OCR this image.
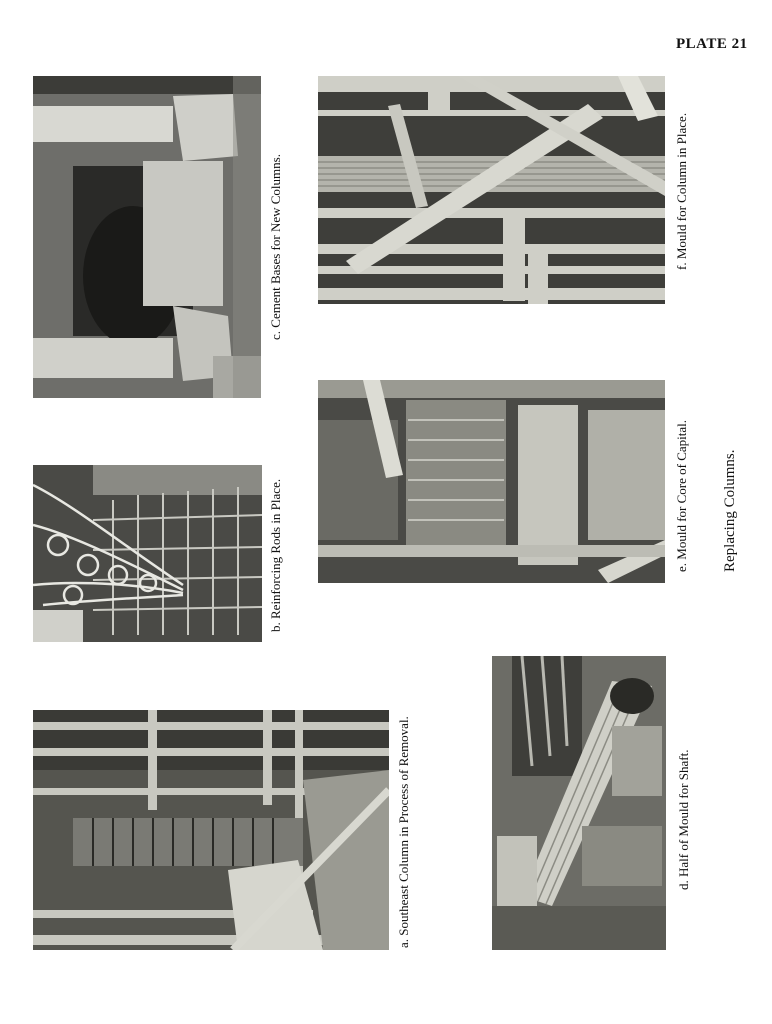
PLATE 21
c. Cement Bases for New Columns.
b. Reinforcing Rods in Place.
a. Southeast Column in Process of Removal.
f. Mould for Column in Place.
e. Mould for Core of Capital.
d. Half of Mould for Shaft.
Replacing Columns.
